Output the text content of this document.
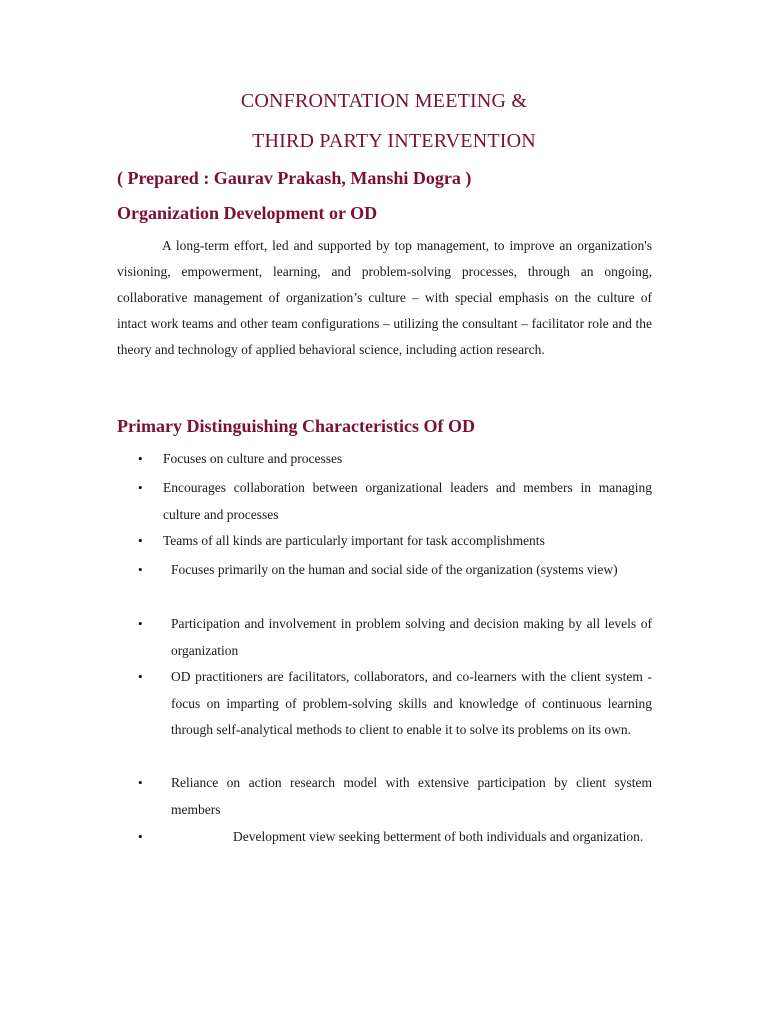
CONFRONTATION MEETING &
THIRD PARTY INTERVENTION
( Prepared : Gaurav Prakash, Manshi Dogra )
Organization Development or OD
A long-term effort, led and supported by top management, to improve an organization's visioning, empowerment, learning, and problem-solving processes, through an ongoing, collaborative management of organization’s culture – with special emphasis on the culture of intact work teams and other team configurations – utilizing the consultant – facilitator role and the theory and technology of applied behavioral science, including action research.
Primary Distinguishing Characteristics Of OD
•	Focuses on culture and processes
•	Encourages collaboration between organizational leaders and members in managing culture and processes
•	Teams of all kinds are particularly important for task accomplishments
•	Focuses primarily on the human and social side of the organization (systems view)
•	Participation and involvement in problem solving and decision making by all levels of organization
•	OD practitioners are facilitators, collaborators, and co-learners with the client system - focus on imparting of problem-solving skills and knowledge of continuous learning through self-analytical methods to client to enable it to solve its problems on its own.
•	Reliance on action research model with extensive participation by client system members
•	Development view seeking betterment of both individuals and organization.
